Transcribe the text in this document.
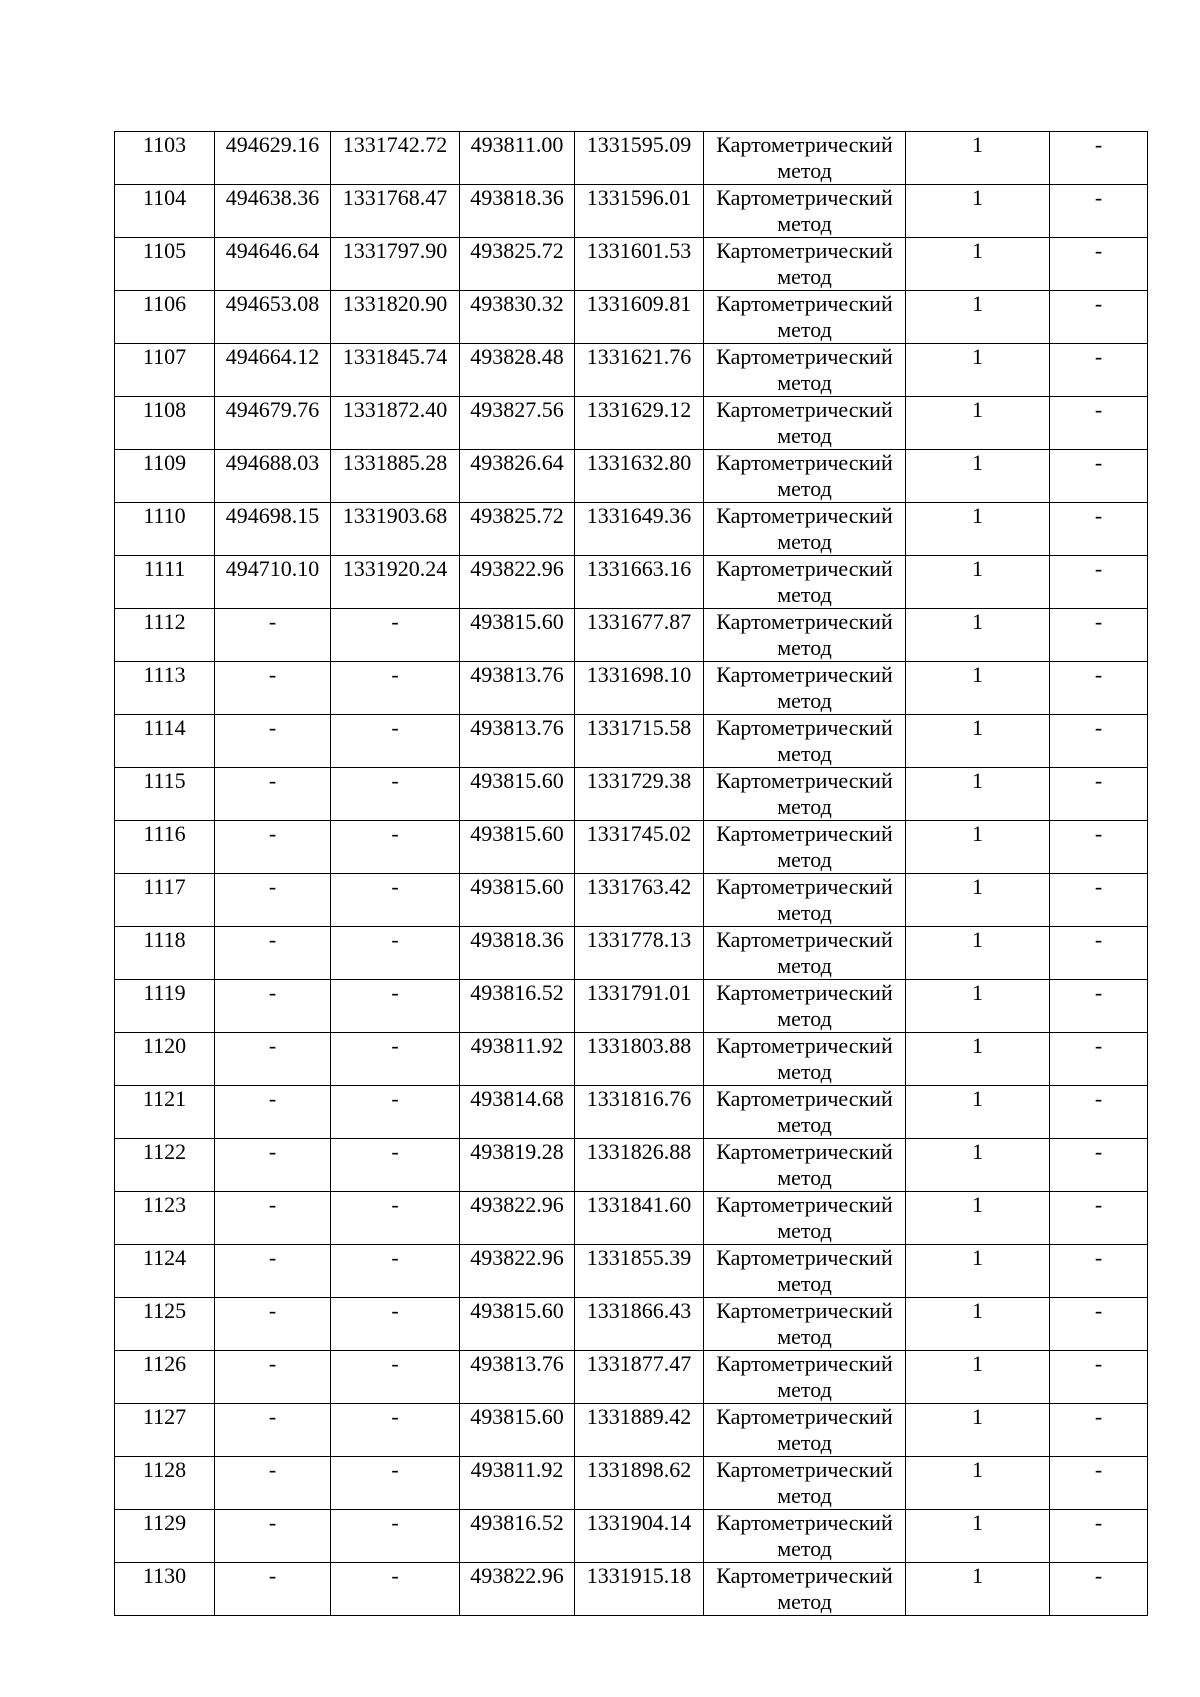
1103	494629.16	1331742.72	493811.00	1331595.09	Картометрический
метод	1	-
1104	494638.36	1331768.47	493818.36	1331596.01	Картометрический
метод	1	-
1105	494646.64	1331797.90	493825.72	1331601.53	Картометрический
метод	1	-
1106	494653.08	1331820.90	493830.32	1331609.81	Картометрический
метод	1	-
1107	494664.12	1331845.74	493828.48	1331621.76	Картометрический
метод	1	-
1108	494679.76	1331872.40	493827.56	1331629.12	Картометрический
метод	1	-
1109	494688.03	1331885.28	493826.64	1331632.80	Картометрический
метод	1	-
1110	494698.15	1331903.68	493825.72	1331649.36	Картометрический
метод	1	-
1111	494710.10	1331920.24	493822.96	1331663.16	Картометрический
метод	1	-
1112	-	-	493815.60	1331677.87	Картометрический
метод	1	-
1113	-	-	493813.76	1331698.10	Картометрический
метод	1	-
1114	-	-	493813.76	1331715.58	Картометрический
метод	1	-
1115	-	-	493815.60	1331729.38	Картометрический
метод	1	-
1116	-	-	493815.60	1331745.02	Картометрический
метод	1	-
1117	-	-	493815.60	1331763.42	Картометрический
метод	1	-
1118	-	-	493818.36	1331778.13	Картометрический
метод	1	-
1119	-	-	493816.52	1331791.01	Картометрический
метод	1	-
1120	-	-	493811.92	1331803.88	Картометрический
метод	1	-
1121	-	-	493814.68	1331816.76	Картометрический
метод	1	-
1122	-	-	493819.28	1331826.88	Картометрический
метод	1	-
1123	-	-	493822.96	1331841.60	Картометрический
метод	1	-
1124	-	-	493822.96	1331855.39	Картометрический
метод	1	-
1125	-	-	493815.60	1331866.43	Картометрический
метод	1	-
1126	-	-	493813.76	1331877.47	Картометрический
метод	1	-
1127	-	-	493815.60	1331889.42	Картометрический
метод	1	-
1128	-	-	493811.92	1331898.62	Картометрический
метод	1	-
1129	-	-	493816.52	1331904.14	Картометрический
метод	1	-
1130	-	-	493822.96	1331915.18	Картометрический
метод	1	-
